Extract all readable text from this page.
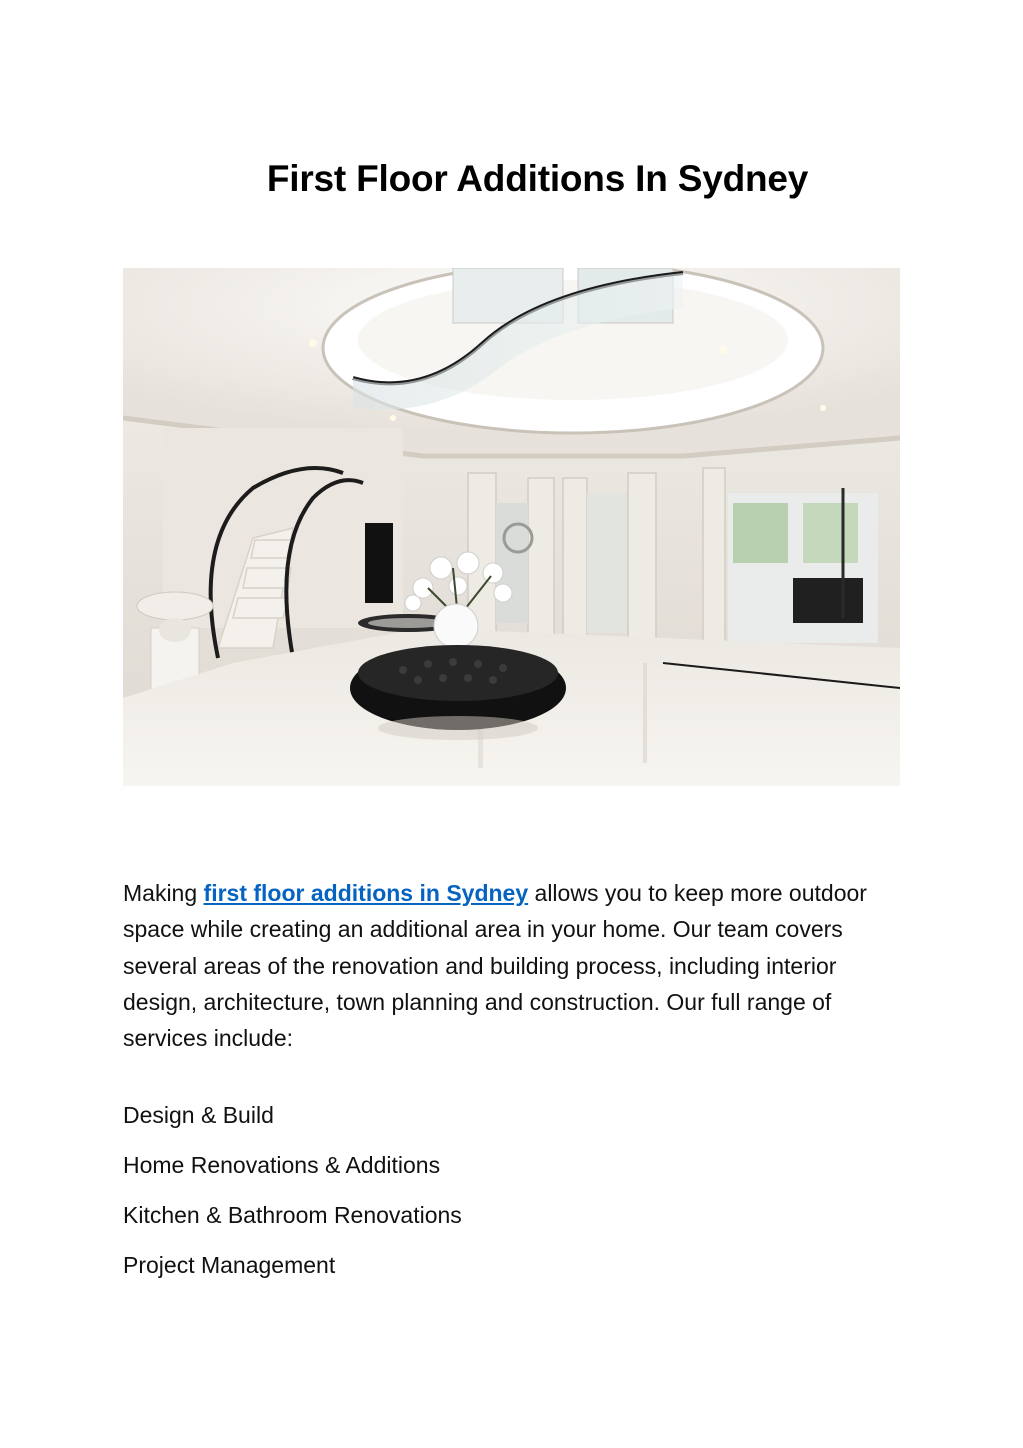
First Floor Additions In Sydney

Making first floor additions in Sydney allows you to keep more outdoor space while creating an additional area in your home. Our team covers several areas of the renovation and building process, including interior design, architecture, town planning and construction. Our full range of services include:

Design & Build
Home Renovations & Additions
Kitchen & Bathroom Renovations
Project Management
